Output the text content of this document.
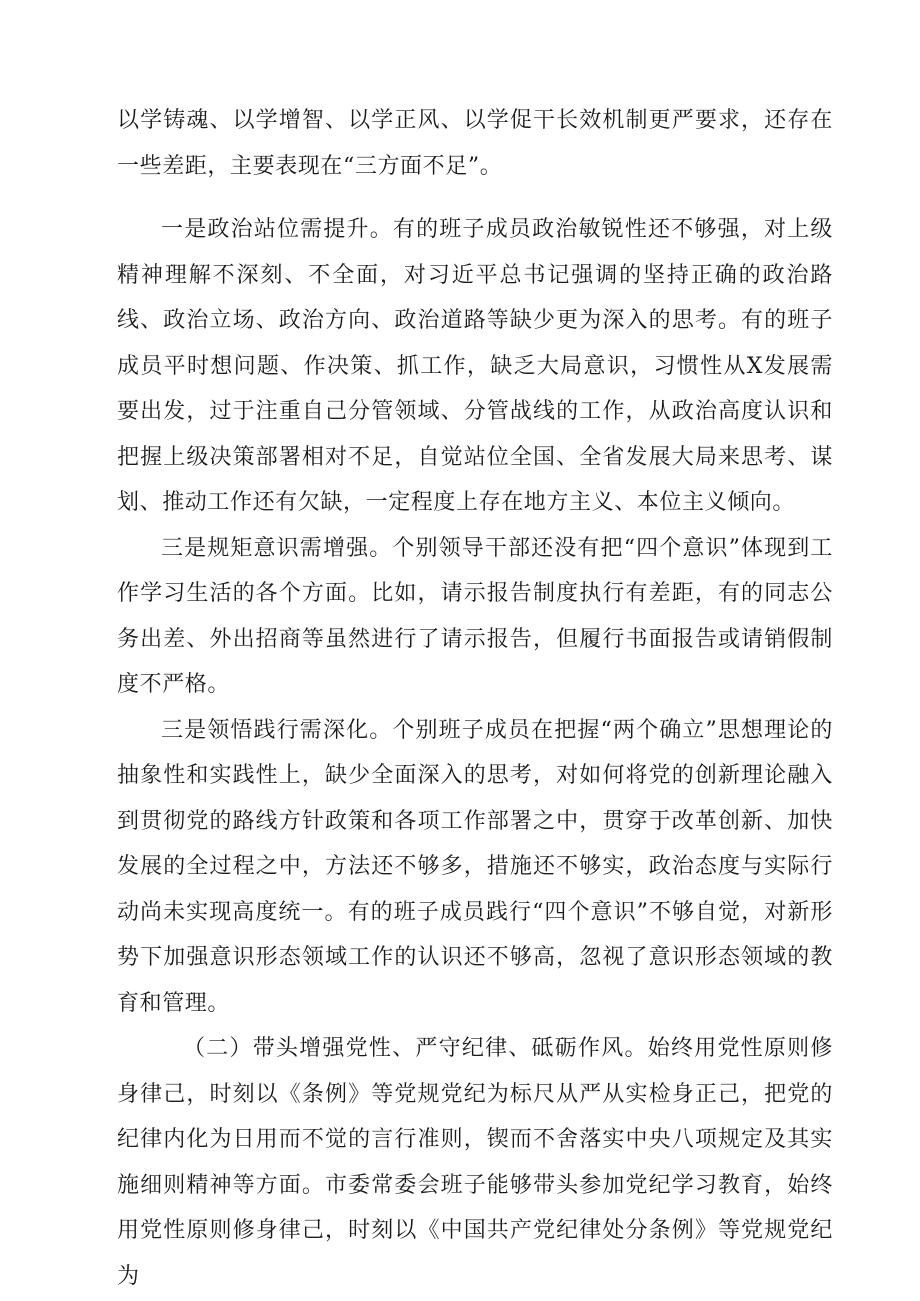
以学铸魂、以学增智、以学正风、以学促干长效机制更严要求，还存在一些差距，主要表现在“三方面不足”。

一是政治站位需提升。有的班子成员政治敏锐性还不够强，对上级精神理解不深刻、不全面，对习近平总书记强调的坚持正确的政治路线、政治立场、政治方向、政治道路等缺少更为深入的思考。有的班子成员平时想问题、作决策、抓工作，缺乏大局意识，习惯性从X发展需要出发，过于注重自己分管领域、分管战线的工作，从政治高度认识和把握上级决策部署相对不足，自觉站位全国、全省发展大局来思考、谋划、推动工作还有欠缺，一定程度上存在地方主义、本位主义倾向。

三是规矩意识需增强。个别领导干部还没有把“四个意识”体现到工作学习生活的各个方面。比如，请示报告制度执行有差距，有的同志公务出差、外出招商等虽然进行了请示报告，但履行书面报告或请销假制度不严格。

三是领悟践行需深化。个别班子成员在把握“两个确立”思想理论的抽象性和实践性上，缺少全面深入的思考，对如何将党的创新理论融入到贯彻党的路线方针政策和各项工作部署之中，贯穿于改革创新、加快发展的全过程之中，方法还不够多，措施还不够实，政治态度与实际行动尚未实现高度统一。有的班子成员践行“四个意识”不够自觉，对新形势下加强意识形态领域工作的认识还不够高，忽视了意识形态领域的教育和管理。

（二）带头增强党性、严守纪律、砥砺作风。始终用党性原则修身律己，时刻以《条例》等党规党纪为标尺从严从实检身正己，把党的纪律内化为日用而不觉的言行准则，锲而不舍落实中央八项规定及其实施细则精神等方面。市委常委会班子能够带头参加党纪学习教育，始终用党性原则修身律己，时刻以《中国共产党纪律处分条例》等党规党纪为
